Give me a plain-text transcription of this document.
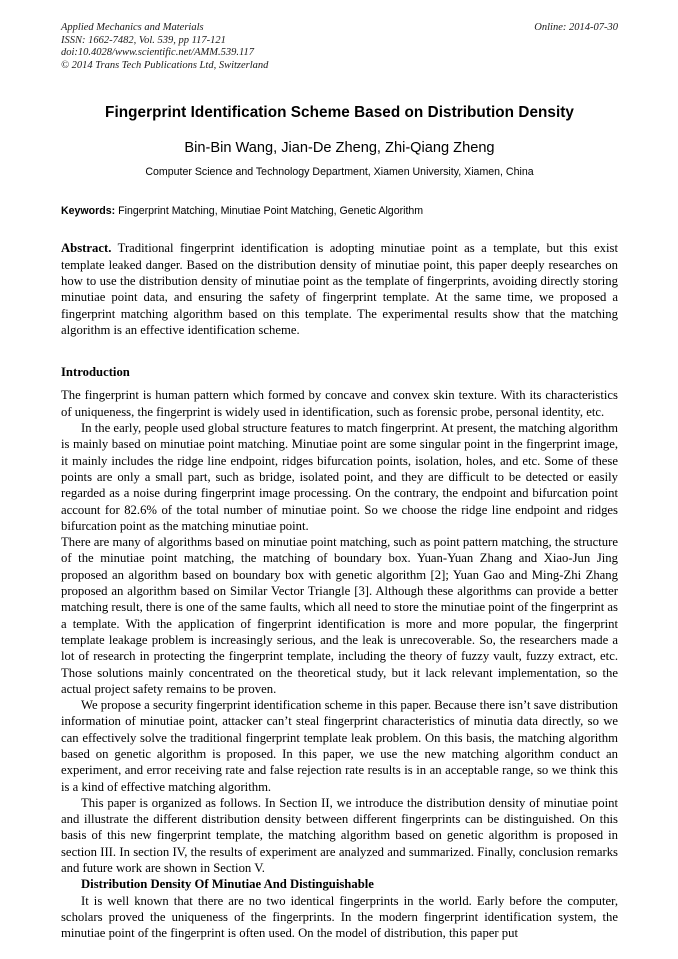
Applied Mechanics and Materials
ISSN: 1662-7482, Vol. 539, pp 117-121
doi:10.4028/www.scientific.net/AMM.539.117
© 2014 Trans Tech Publications Ltd, Switzerland
Online: 2014-07-30
Fingerprint Identification Scheme Based on Distribution Density
Bin-Bin Wang, Jian-De Zheng, Zhi-Qiang Zheng
Computer Science and Technology Department, Xiamen University, Xiamen, China
Keywords: Fingerprint Matching, Minutiae Point Matching, Genetic Algorithm
Abstract. Traditional fingerprint identification is adopting minutiae point as a template, but this exist template leaked danger. Based on the distribution density of minutiae point, this paper deeply researches on how to use the distribution density of minutiae point as the template of fingerprints, avoiding directly storing minutiae point data, and ensuring the safety of fingerprint template. At the same time, we proposed a fingerprint matching algorithm based on this template. The experimental results show that the matching algorithm is an effective identification scheme.
Introduction

The fingerprint is human pattern which formed by concave and convex skin texture. With its characteristics of uniqueness, the fingerprint is widely used in identification, such as forensic probe, personal identity, etc.

In the early, people used global structure features to match fingerprint. At present, the matching algorithm is mainly based on minutiae point matching. Minutiae point are some singular point in the fingerprint image, it mainly includes the ridge line endpoint, ridges bifurcation points, isolation, holes, and etc. Some of these points are only a small part, such as bridge, isolated point, and they are difficult to be detected or easily regarded as a noise during fingerprint image processing. On the contrary, the endpoint and bifurcation point account for 82.6% of the total number of minutiae point. So we choose the ridge line endpoint and ridges bifurcation point as the matching minutiae point.

There are many of algorithms based on minutiae point matching, such as point pattern matching, the structure of the minutiae point matching, the matching of boundary box. Yuan-Yuan Zhang and Xiao-Jun Jing proposed an algorithm based on boundary box with genetic algorithm [2]; Yuan Gao and Ming-Zhi Zhang proposed an algorithm based on Similar Vector Triangle [3]. Although these algorithms can provide a better matching result, there is one of the same faults, which all need to store the minutiae point of the fingerprint as a template. With the application of fingerprint identification is more and more popular, the fingerprint template leakage problem is increasingly serious, and the leak is unrecoverable. So, the researchers made a lot of research in protecting the fingerprint template, including the theory of fuzzy vault, fuzzy extract, etc. Those solutions mainly concentrated on the theoretical study, but it lack relevant implementation, so the actual project safety remains to be proven.

We propose a security fingerprint identification scheme in this paper. Because there isn’t save distribution information of minutiae point, attacker can’t steal fingerprint characteristics of minutia data directly, so we can effectively solve the traditional fingerprint template leak problem. On this basis, the matching algorithm based on genetic algorithm is proposed. In this paper, we use the new matching algorithm conduct an experiment, and error receiving rate and false rejection rate results is in an acceptable range, so we think this is a kind of effective matching algorithm.

This paper is organized as follows. In Section II, we introduce the distribution density of minutiae point and illustrate the different distribution density between different fingerprints can be distinguished. On this basis of this new fingerprint template, the matching algorithm based on genetic algorithm is proposed in section III. In section IV, the results of experiment are analyzed and summarized. Finally, conclusion remarks and future work are shown in Section V.

Distribution Density Of Minutiae And Distinguishable

It is well known that there are no two identical fingerprints in the world. Early before the computer, scholars proved the uniqueness of the fingerprints. In the modern fingerprint identification system, the minutiae point of the fingerprint is often used. On the model of distribution, this paper put
